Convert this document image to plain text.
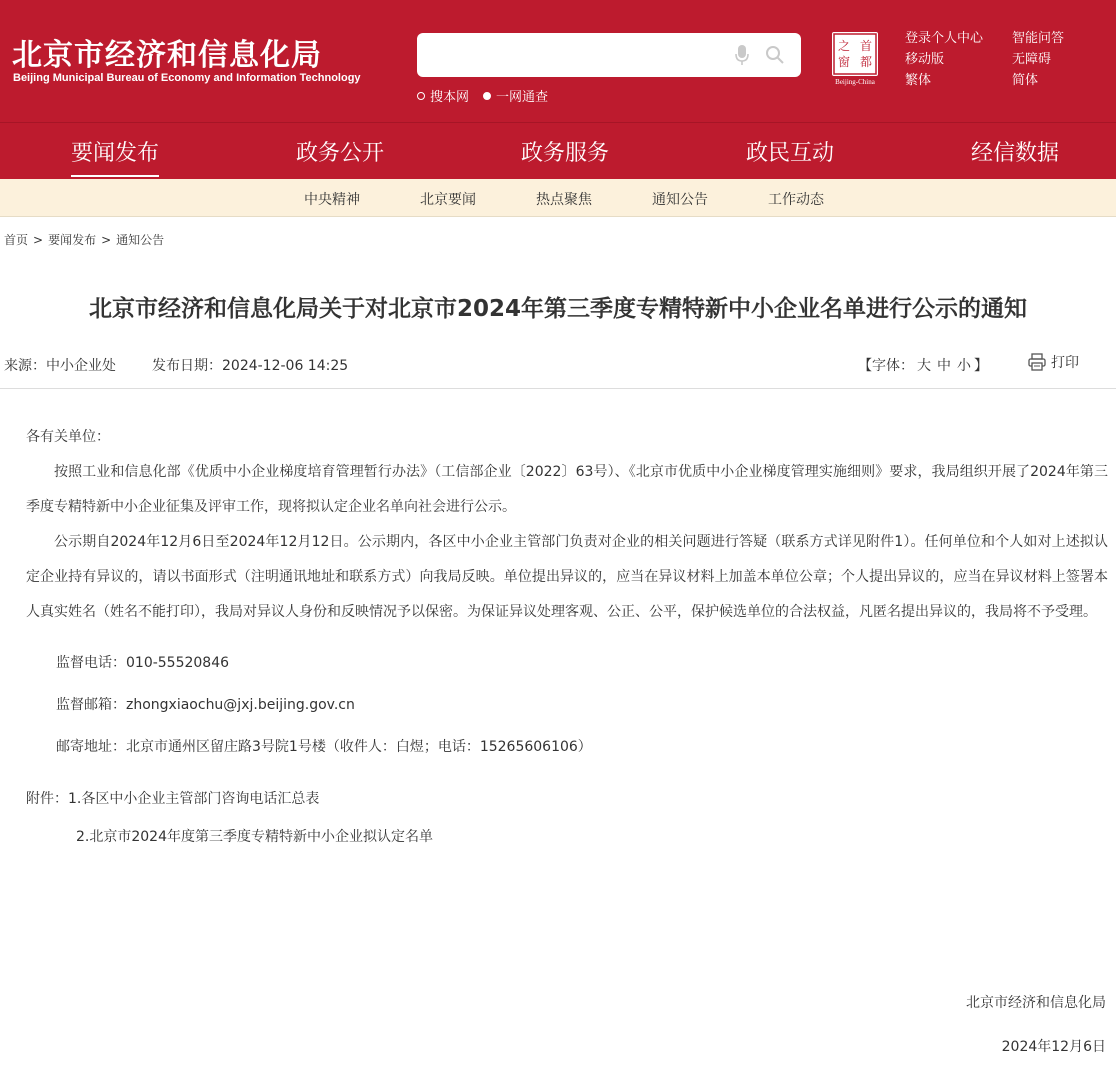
北京市经济和信息化局
Beijing Municipal Bureau of Economy and Information Technology
搜本网 一网通查
首
都
之
窗
Beijing-China
登录个人中心	智能问答
移动版	无障碍
繁体	简体
要闻发布	政务公开	政务服务	政民互动	经信数据
中央精神	北京要闻	热点聚焦	通知公告	工作动态
首页 > 要闻发布 > 通知公告
北京市经济和信息化局关于对北京市2024年第三季度专精特新中小企业名单进行公示的通知
来源：中小企业处	发布日期：2024-12-06 14:25	【字体： 大 中 小 】	打印

各有关单位：

按照工业和信息化部《优质中小企业梯度培育管理暂行办法》（工信部企业〔2022〕63号）、《北京市优质中小企业梯度管理实施细则》要求，我局组织开展了2024年第三季度专精特新中小企业征集及评审工作，现将拟认定企业名单向社会进行公示。

公示期自2024年12月6日至2024年12月12日。公示期内，各区中小企业主管部门负责对企业的相关问题进行答疑（联系方式详见附件1）。任何单位和个人如对上述拟认定企业持有异议的，请以书面形式（注明通讯地址和联系方式）向我局反映。单位提出异议的，应当在异议材料上加盖本单位公章；个人提出异议的，应当在异议材料上签署本人真实姓名（姓名不能打印），我局对异议人身份和反映情况予以保密。为保证异议处理客观、公正、公平，保护候选单位的合法权益，凡匿名提出异议的，我局将不予受理。

监督电话：010-55520846

监督邮箱：zhongxiaochu@jxj.beijing.gov.cn

邮寄地址：北京市通州区留庄路3号院1号楼（收件人：白煜；电话：15265606106）

附件：1.各区中小企业主管部门咨询电话汇总表

2.北京市2024年度第三季度专精特新中小企业拟认定名单

北京市经济和信息化局
2024年12月6日
